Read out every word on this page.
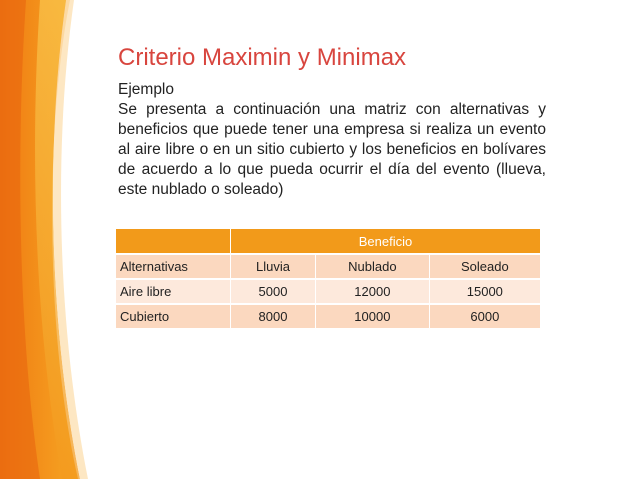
Criterio Maximin y Minimax

Ejemplo

Se presenta a continuación una matriz con alternativas y beneficios que puede tener una empresa si realiza un evento al aire libre o en un sitio cubierto y los beneficios en bolívares de acuerdo a lo que pueda ocurrir el día del evento (llueva, este nublado o soleado)

	Beneficio		
Alternativas	Lluvia	Nublado	Soleado
Aire libre	5000	12000	15000
Cubierto	8000	10000	6000
